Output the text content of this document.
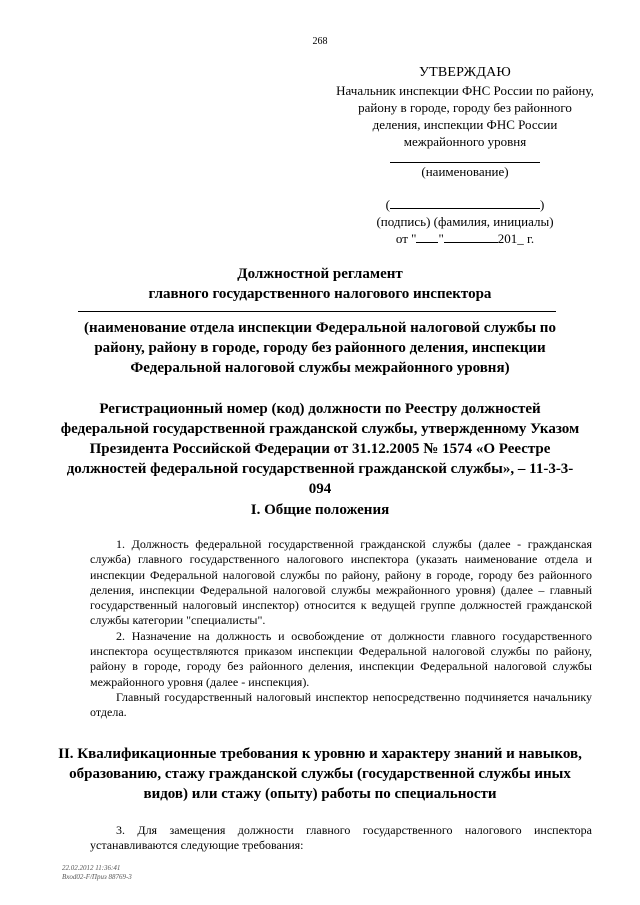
268
УТВЕРЖДАЮ
Начальник инспекции ФНС России по району,
району в городе, городу без районного
деления, инспекции ФНС России
межрайонного уровня
(наименование)
(	)
(подпись) (фамилия, инициалы)
от " "	201_ г.
Должностной регламент
главного государственного налогового инспектора
(наименование отдела инспекции Федеральной налоговой службы по району, району в городе, городу без районного деления, инспекции Федеральной налоговой службы межрайонного уровня)
Регистрационный номер (код) должности по Реестру должностей федеральной государственной гражданской службы, утвержденному Указом Президента Российской Федерации от 31.12.2005 № 1574 «О Реестре должностей федеральной государственной гражданской службы», – 11-3-3-094
I. Общие положения

1. Должность федеральной государственной гражданской службы (далее - гражданская служба) главного государственного налогового инспектора (указать наименование отдела и инспекции Федеральной налоговой службы по району, району в городе, городу без районного деления, инспекции Федеральной налоговой службы межрайонного уровня) (далее – главный государственный налоговый инспектор) относится к ведущей группе должностей гражданской службы категории "специалисты".

2. Назначение на должность и освобождение от должности главного государственного инспектора осуществляются приказом инспекции Федеральной налоговой службы по району, району в городе, городу без районного деления, инспекции Федеральной налоговой службы межрайонного уровня (далее - инспекция).

Главный государственный налоговый инспектор непосредственно подчиняется начальнику отдела.

II. Квалификационные требования к уровню и характеру знаний и навыков, образованию, стажу гражданской службы (государственной службы иных видов) или стажу (опыту) работы по специальности

3. Для замещения должности главного государственного налогового инспектора устанавливаются следующие требования:

22.02.2012 11:36:41
Bxod02-F/Приз 88769-3
